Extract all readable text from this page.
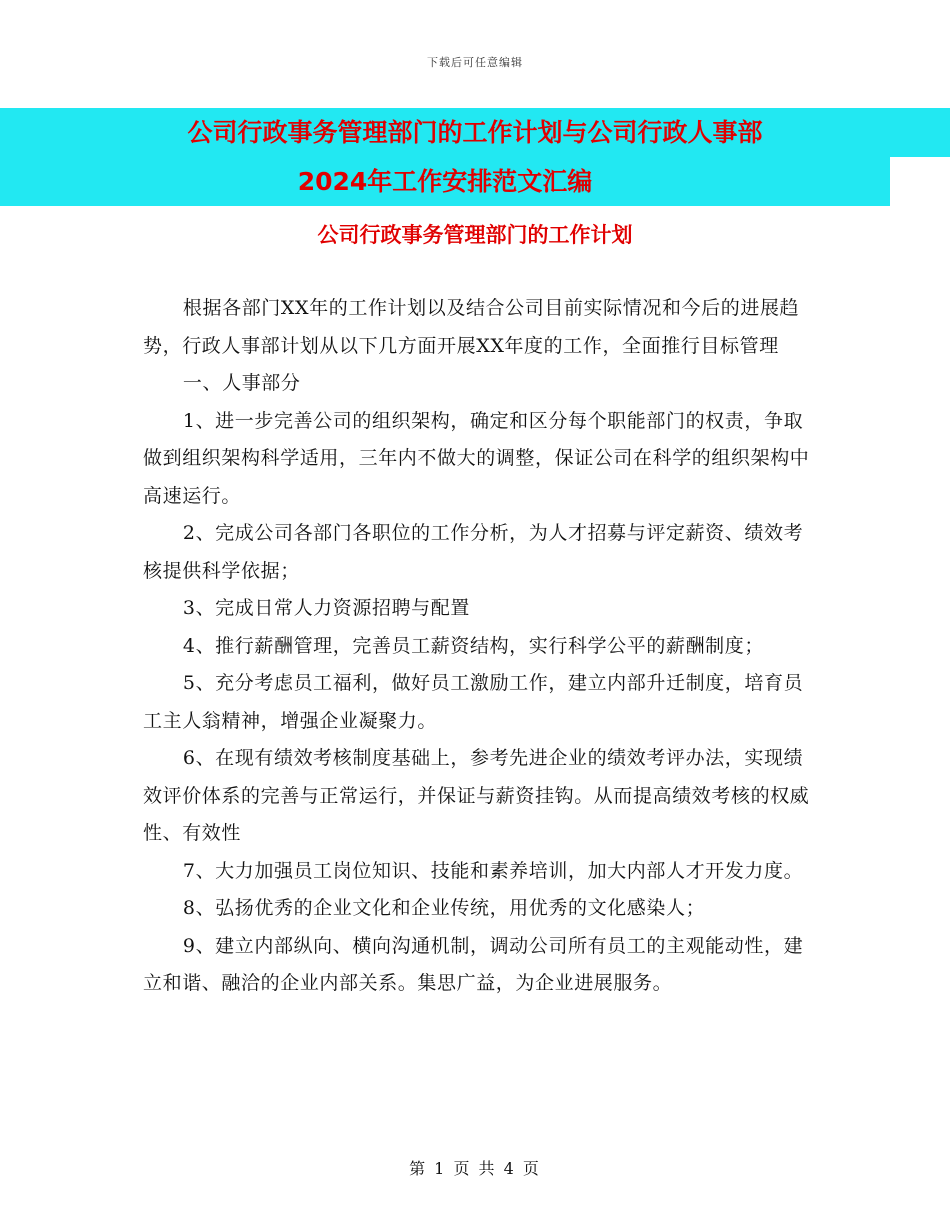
下载后可任意编辑
公司行政事务管理部门的工作计划与公司行政人事部
2024年工作安排范文汇编
公司行政事务管理部门的工作计划

根据各部门XX年的工作计划以及结合公司目前实际情况和今后的进展趋势，行政人事部计划从以下几方面开展XX年度的工作，全面推行目标管理

一、人事部分

1、进一步完善公司的组织架构，确定和区分每个职能部门的权责，争取做到组织架构科学适用，三年内不做大的调整，保证公司在科学的组织架构中高速运行。

2、完成公司各部门各职位的工作分析，为人才招募与评定薪资、绩效考核提供科学依据；

3、完成日常人力资源招聘与配置

4、推行薪酬管理，完善员工薪资结构，实行科学公平的薪酬制度；

5、充分考虑员工福利，做好员工激励工作，建立内部升迁制度，培育员工主人翁精神，增强企业凝聚力。

6、在现有绩效考核制度基础上，参考先进企业的绩效考评办法，实现绩效评价体系的完善与正常运行，并保证与薪资挂钩。从而提高绩效考核的权威性、有效性

7、大力加强员工岗位知识、技能和素养培训，加大内部人才开发力度。

8、弘扬优秀的企业文化和企业传统，用优秀的文化感染人；

9、建立内部纵向、横向沟通机制，调动公司所有员工的主观能动性，建立和谐、融洽的企业内部关系。集思广益，为企业进展服务。

第 1 页 共 4 页
